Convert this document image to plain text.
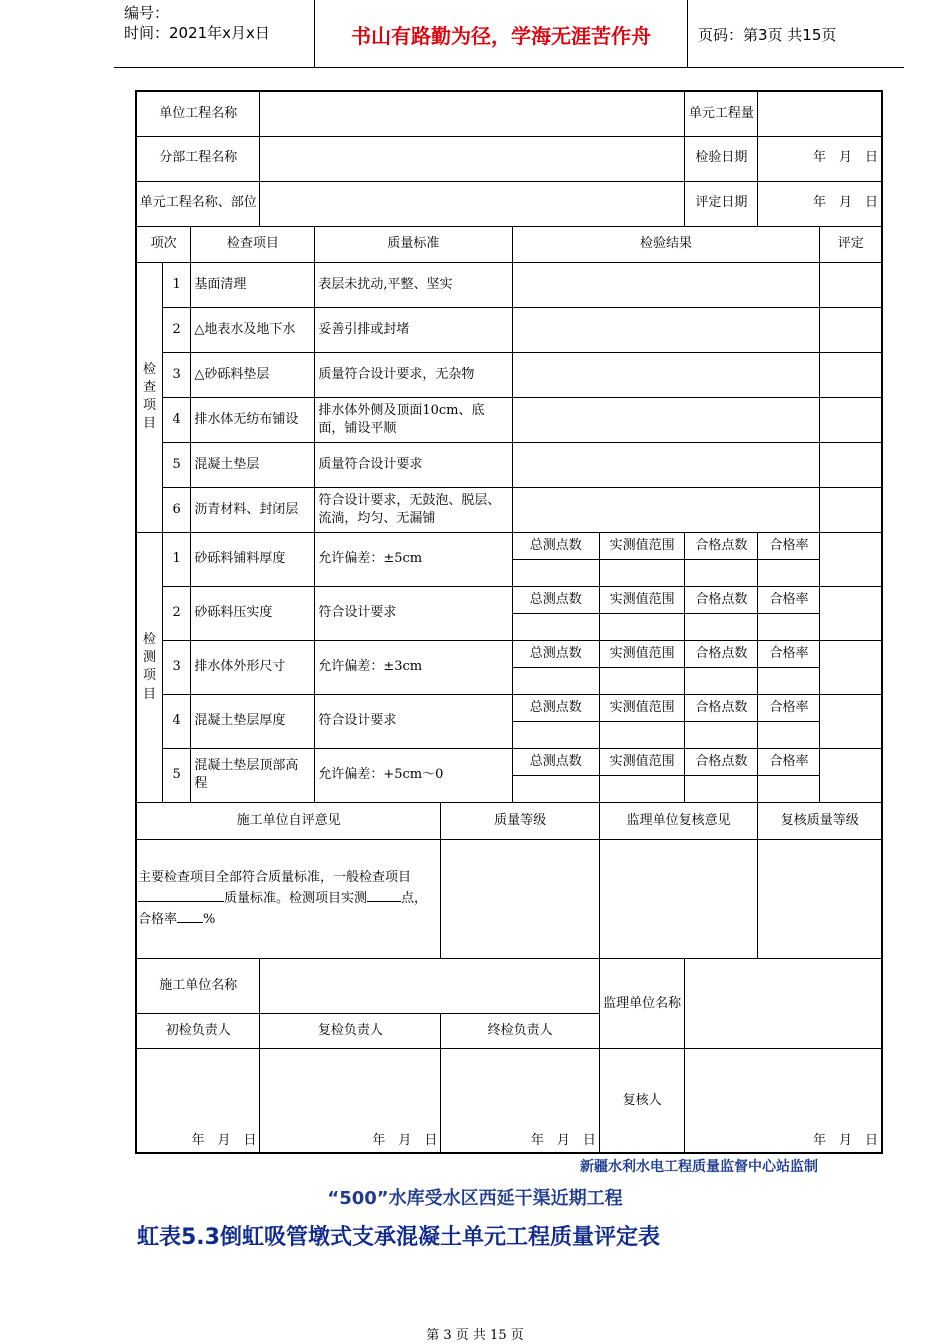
编号：
时间：2021年x月x日	书山有路勤为径，学海无涯苦作舟	页码：第3页 共15页
单位工程名称								单元工程量		
分部工程名称								检验日期	年　月　日	
单元工程名称、部位								评定日期	年　月　日	
项次		检查项目		质量标准		检验结果				评定
检
查
项
目	1	基面清理		表层未扰动,平整、坚实						
	2	△地表水及地下水		妥善引排或封堵						
	3	△砂砾料垫层		质量符合设计要求，无杂物						
	4	排水体无纺布铺设		排水体外侧及顶面10cm、底面，铺设平顺						
	5	混凝土垫层		质量符合设计要求						
	6	沥青材料、封闭层		符合设计要求，无鼓泡、脱层、流淌，均匀、无漏铺						
检
测
项
目	1	砂砾料铺料厚度		允许偏差：±5cm		总测点数	实测值范围	合格点数	合格率	

	2	砂砾料压实度		符合设计要求		总测点数	实测值范围	合格点数	合格率	

	3	排水体外形尺寸		允许偏差：±3cm		总测点数	实测值范围	合格点数	合格率	

	4	混凝土垫层厚度		符合设计要求		总测点数	实测值范围	合格点数	合格率	

	5	混凝土垫层顶部高程		允许偏差：+5cm～0		总测点数	实测值范围	合格点数	合格率	

施工单位自评意见					质量等级		监理单位复核意见		复核质量等级	
主要检查项目全部符合质量标准，一般检查项目质量标准。检测项目实测 点，合格率 %										
施工单位名称							监理单位名称			
初检负责人			复检负责人		终检负责人					
年　月　日			年　月　日		年　月　日		复核人	年　月　日		
新疆水利水电工程质量监督中心站监制
“500”水库受水区西延干渠近期工程
虹表5.3倒虹吸管墩式支承混凝土单元工程质量评定表
第 3 页 共 15 页
